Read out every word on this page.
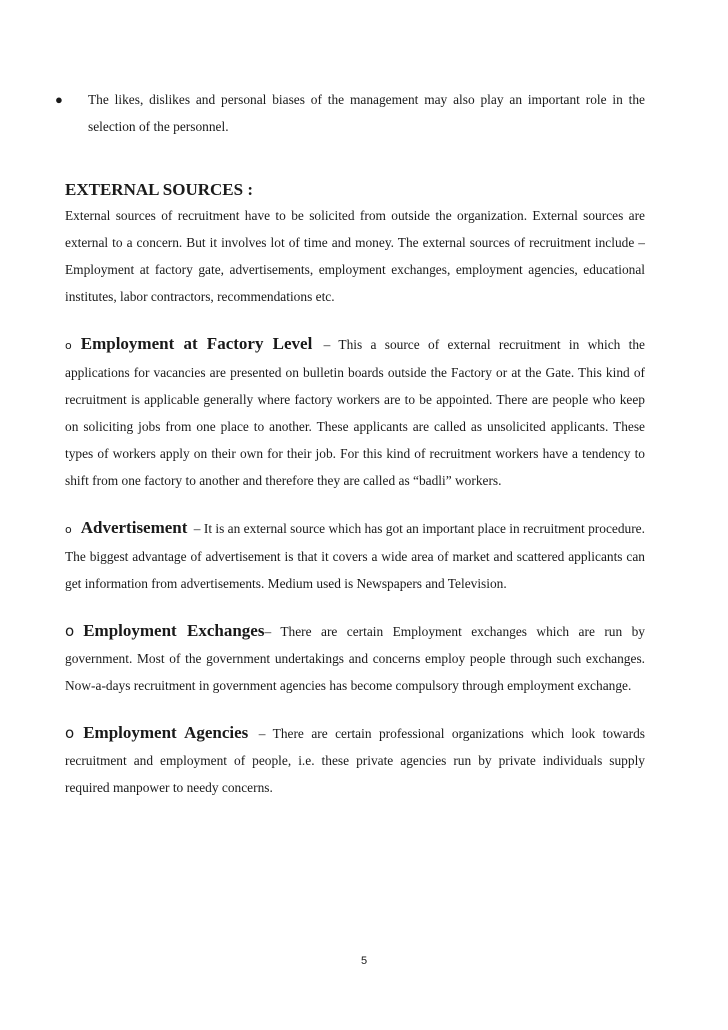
● The likes, dislikes and personal biases of the management may also play an important role in the selection of the personnel.

EXTERNAL SOURCES :

External sources of recruitment have to be solicited from outside the organization. External sources are external to a concern. But it involves lot of time and money. The external sources of recruitment include – Employment at factory gate, advertisements, employment exchanges, employment agencies, educational institutes, labor contractors, recommendations etc.

o Employment at Factory Level – This a source of external recruitment in which the applications for vacancies are presented on bulletin boards outside the Factory or at the Gate. This kind of recruitment is applicable generally where factory workers are to be appointed. There are people who keep on soliciting jobs from one place to another. These applicants are called as unsolicited applicants. These types of workers apply on their own for their job. For this kind of recruitment workers have a tendency to shift from one factory to another and therefore they are called as “badli” workers.

o Advertisement – It is an external source which has got an important place in recruitment procedure. The biggest advantage of advertisement is that it covers a wide area of market and scattered applicants can get information from advertisements. Medium used is Newspapers and Television.

o Employment Exchanges– There are certain Employment exchanges which are run by government. Most of the government undertakings and concerns employ people through such exchanges. Now-a-days recruitment in government agencies has become compulsory through employment exchange.

o Employment Agencies – There are certain professional organizations which look towards recruitment and employment of people, i.e. these private agencies run by private individuals supply required manpower to needy concerns.

5
